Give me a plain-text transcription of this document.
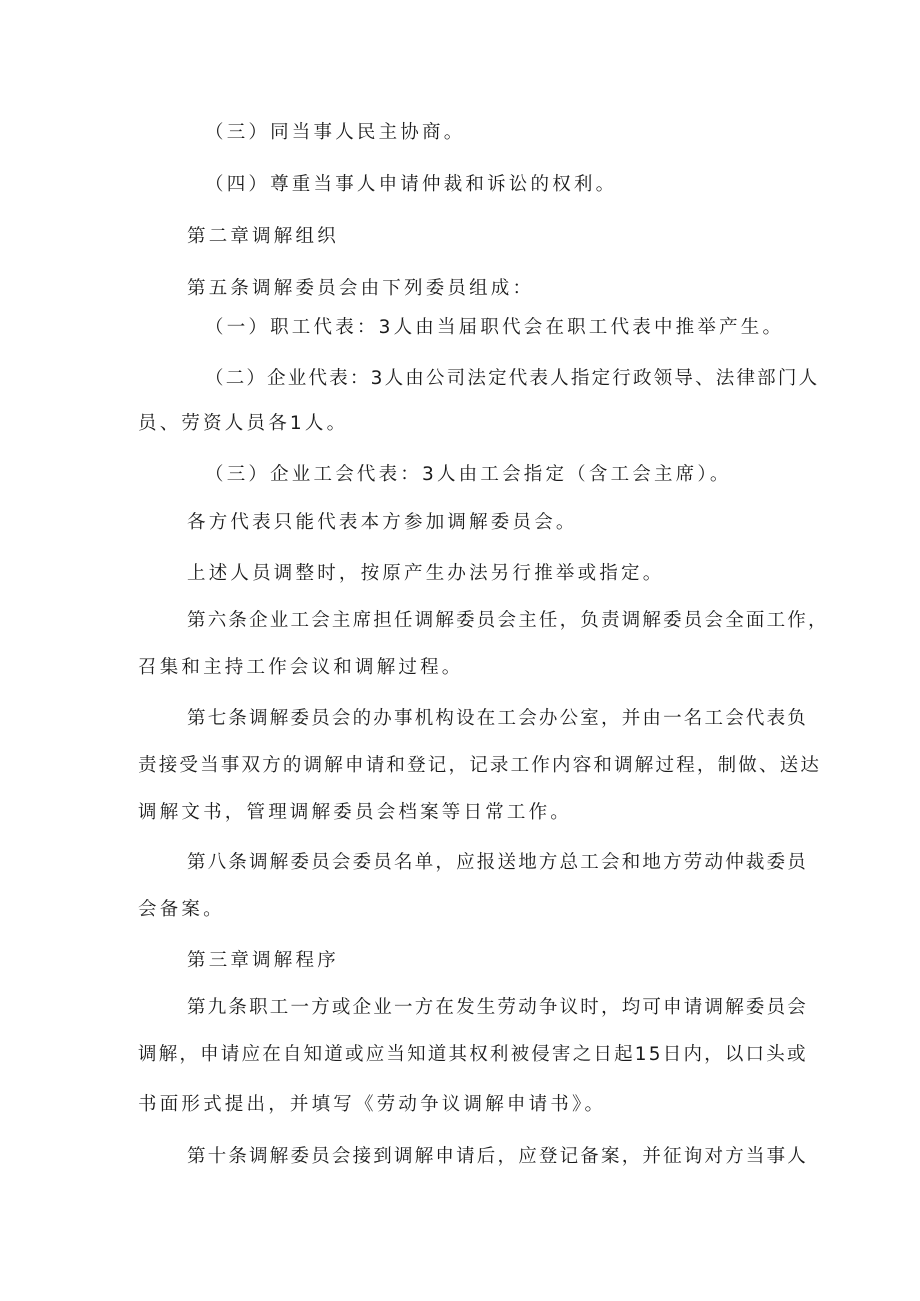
（三）同当事人民主协商。
（四）尊重当事人申请仲裁和诉讼的权利。
第二章调解组织
第五条调解委员会由下列委员组成：
（一）职工代表：3人由当届职代会在职工代表中推举产生。
（二）企业代表：3人由公司法定代表人指定行政领导、法律部门人
员、劳资人员各1人。
（三）企业工会代表：3人由工会指定（含工会主席）。
各方代表只能代表本方参加调解委员会。
上述人员调整时，按原产生办法另行推举或指定。
第六条企业工会主席担任调解委员会主任，负责调解委员会全面工作，
召集和主持工作会议和调解过程。
第七条调解委员会的办事机构设在工会办公室，并由一名工会代表负
责接受当事双方的调解申请和登记，记录工作内容和调解过程，制做、送达
调解文书，管理调解委员会档案等日常工作。
第八条调解委员会委员名单，应报送地方总工会和地方劳动仲裁委员
会备案。
第三章调解程序
第九条职工一方或企业一方在发生劳动争议时，均可申请调解委员会
调解，申请应在自知道或应当知道其权利被侵害之日起15日内，以口头或
书面形式提出，并填写《劳动争议调解申请书》。
第十条调解委员会接到调解申请后，应登记备案，并征询对方当事人
